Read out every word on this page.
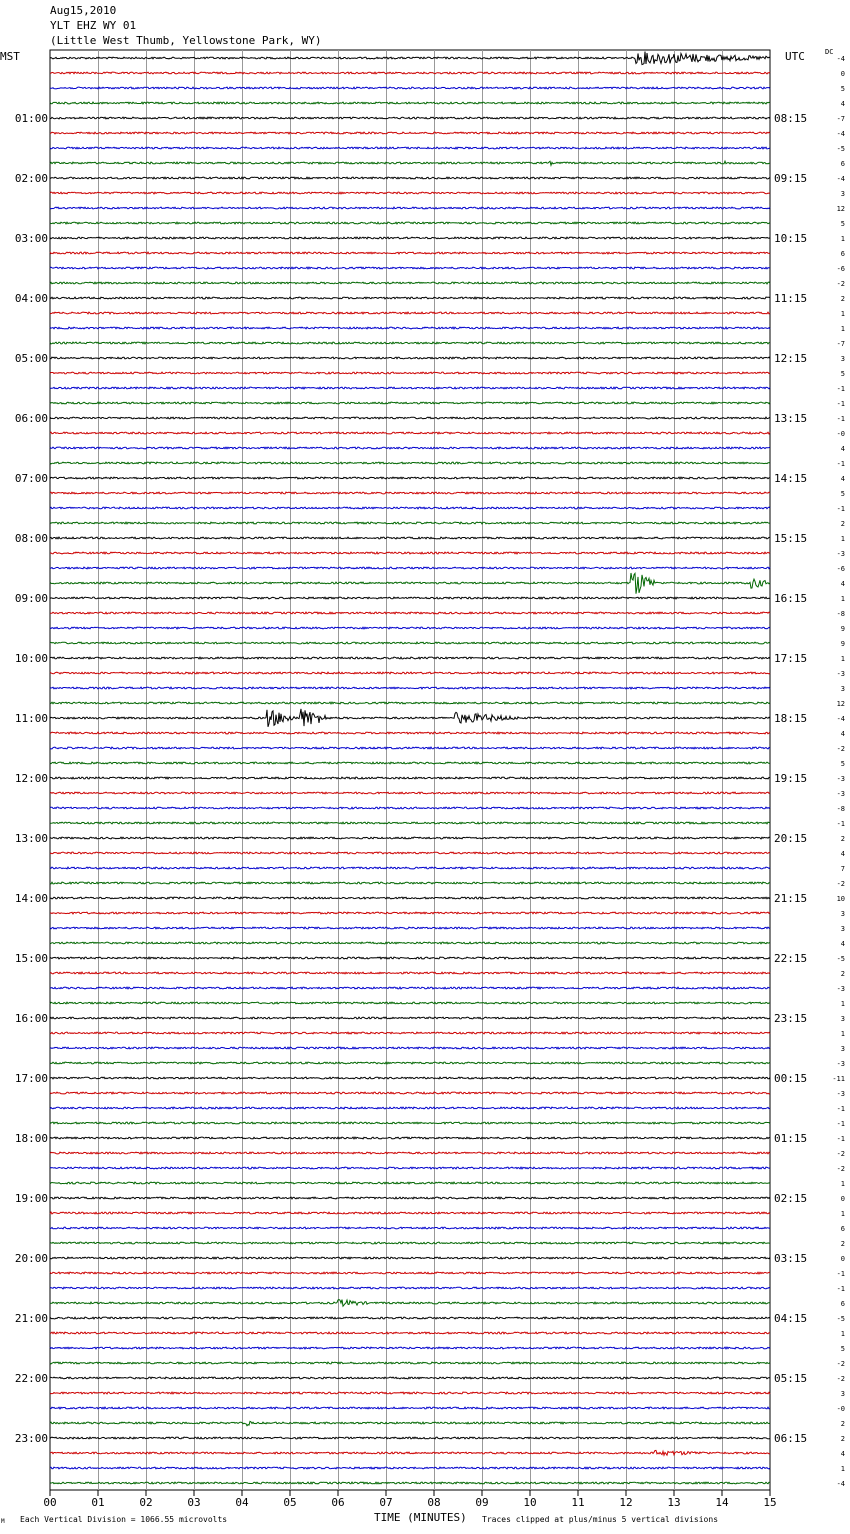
Aug15,2010
YLT EHZ WY 01
(Little West Thumb, Yellowstone Park, WY)
MST	UTC	DC
00	01	02	03	04	05	06	07	08	09	10	11	12	13	14	15
-4
0
5
4
-7
-4
-5
6
-4
3
12
5
1
6
-6
-2
2
1
1
-7
3
5
-1
-1
-1
-0
4
-1
4
5
-1
2
1
-3
-6
4
1
-8
9
9
1
-3
3
12
-4
4
-2
5
-3
-3
-8
-1
2
4
7
-2
10
3
3
4
-5
2
-3
1
3
1
3
-3
-11
-3
-1
-1
-1
-2
-2
1
0
1
6
2
0
-1
-1
6
-5
1
5
-2
-2
3
-0
2
2
4
1
-4
01:00	08:15
02:00	09:15
03:00	10:15
04:00	11:15
05:00	12:15
06:00	13:15
07:00	14:15
08:00	15:15
09:00	16:15
10:00	17:15
11:00	18:15
12:00	19:15
13:00	20:15
14:00	21:15
15:00	22:15
16:00	23:15
17:00	00:15
18:00	01:15
19:00	02:15
20:00	03:15
21:00	04:15
22:00	05:15
23:00	06:15
Each Vertical Division = 1066.55 microvolts	TIME (MINUTES) Traces clipped at plus/minus 5 vertical divisions
M
